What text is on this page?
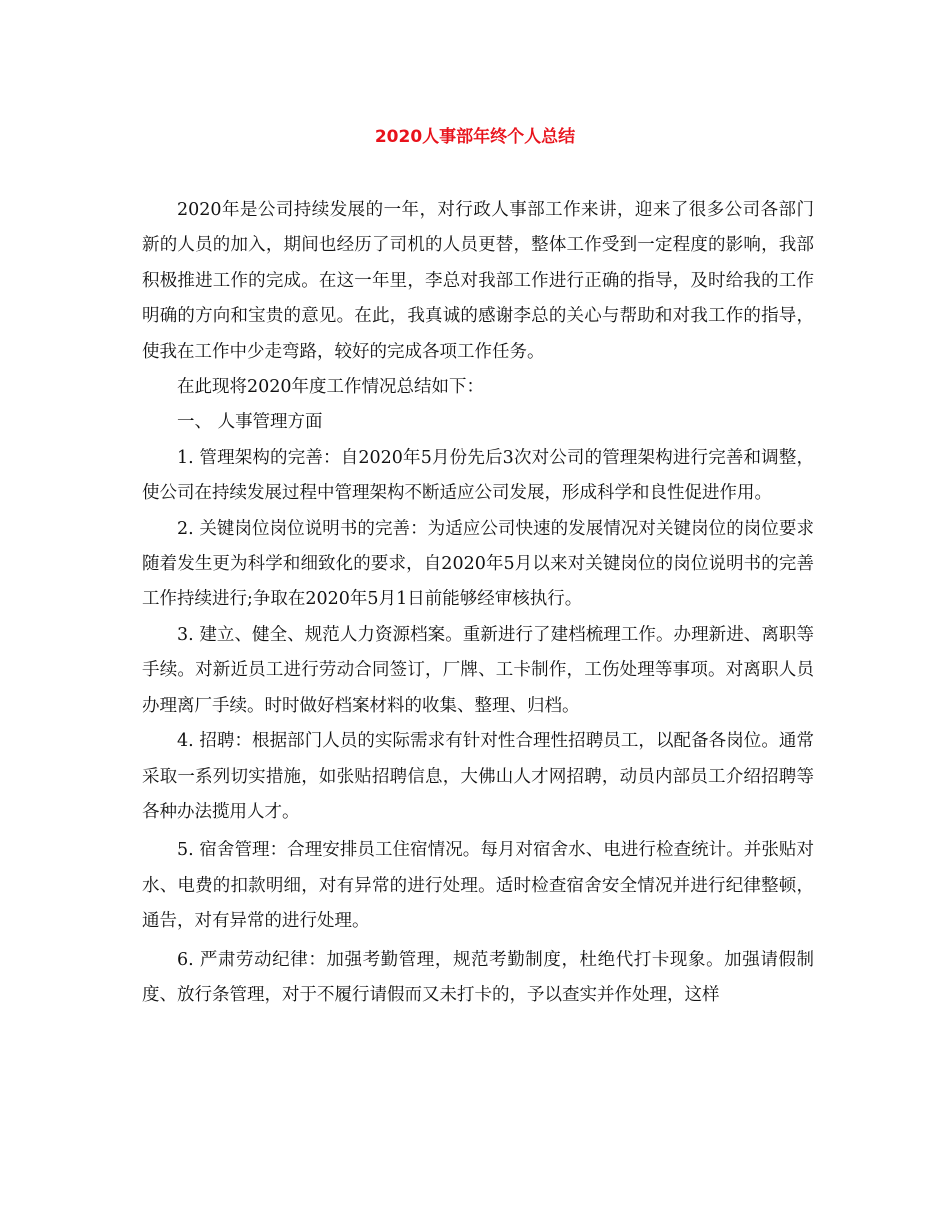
2020人事部年终个人总结

2020年是公司持续发展的一年，对行政人事部工作来讲，迎来了很多公司各部门新的人员的加入，期间也经历了司机的人员更替，整体工作受到一定程度的影响，我部积极推进工作的完成。在这一年里，李总对我部工作进行正确的指导，及时给我的工作明确的方向和宝贵的意见。在此，我真诚的感谢李总的关心与帮助和对我工作的指导，使我在工作中少走弯路，较好的完成各项工作任务。

在此现将2020年度工作情况总结如下：

一、 人事管理方面

1. 管理架构的完善：自2020年5月份先后3次对公司的管理架构进行完善和调整，使公司在持续发展过程中管理架构不断适应公司发展，形成科学和良性促进作用。

2. 关键岗位岗位说明书的完善：为适应公司快速的发展情况对关键岗位的岗位要求随着发生更为科学和细致化的要求，自2020年5月以来对关键岗位的岗位说明书的完善工作持续进行;争取在2020年5月1日前能够经审核执行。

3. 建立、健全、规范人力资源档案。重新进行了建档梳理工作。办理新进、离职等手续。对新近员工进行劳动合同签订，厂牌、工卡制作，工伤处理等事项。对离职人员办理离厂手续。时时做好档案材料的收集、整理、归档。

4. 招聘：根据部门人员的实际需求有针对性合理性招聘员工，以配备各岗位。通常采取一系列切实措施，如张贴招聘信息，大佛山人才网招聘，动员内部员工介绍招聘等各种办法揽用人才。

5. 宿舍管理：合理安排员工住宿情况。每月对宿舍水、电进行检查统计。并张贴对水、电费的扣款明细，对有异常的进行处理。适时检查宿舍安全情况并进行纪律整顿，通告，对有异常的进行处理。

6. 严肃劳动纪律：加强考勤管理，规范考勤制度，杜绝代打卡现象。加强请假制度、放行条管理，对于不履行请假而又未打卡的，予以查实并作处理，这样
